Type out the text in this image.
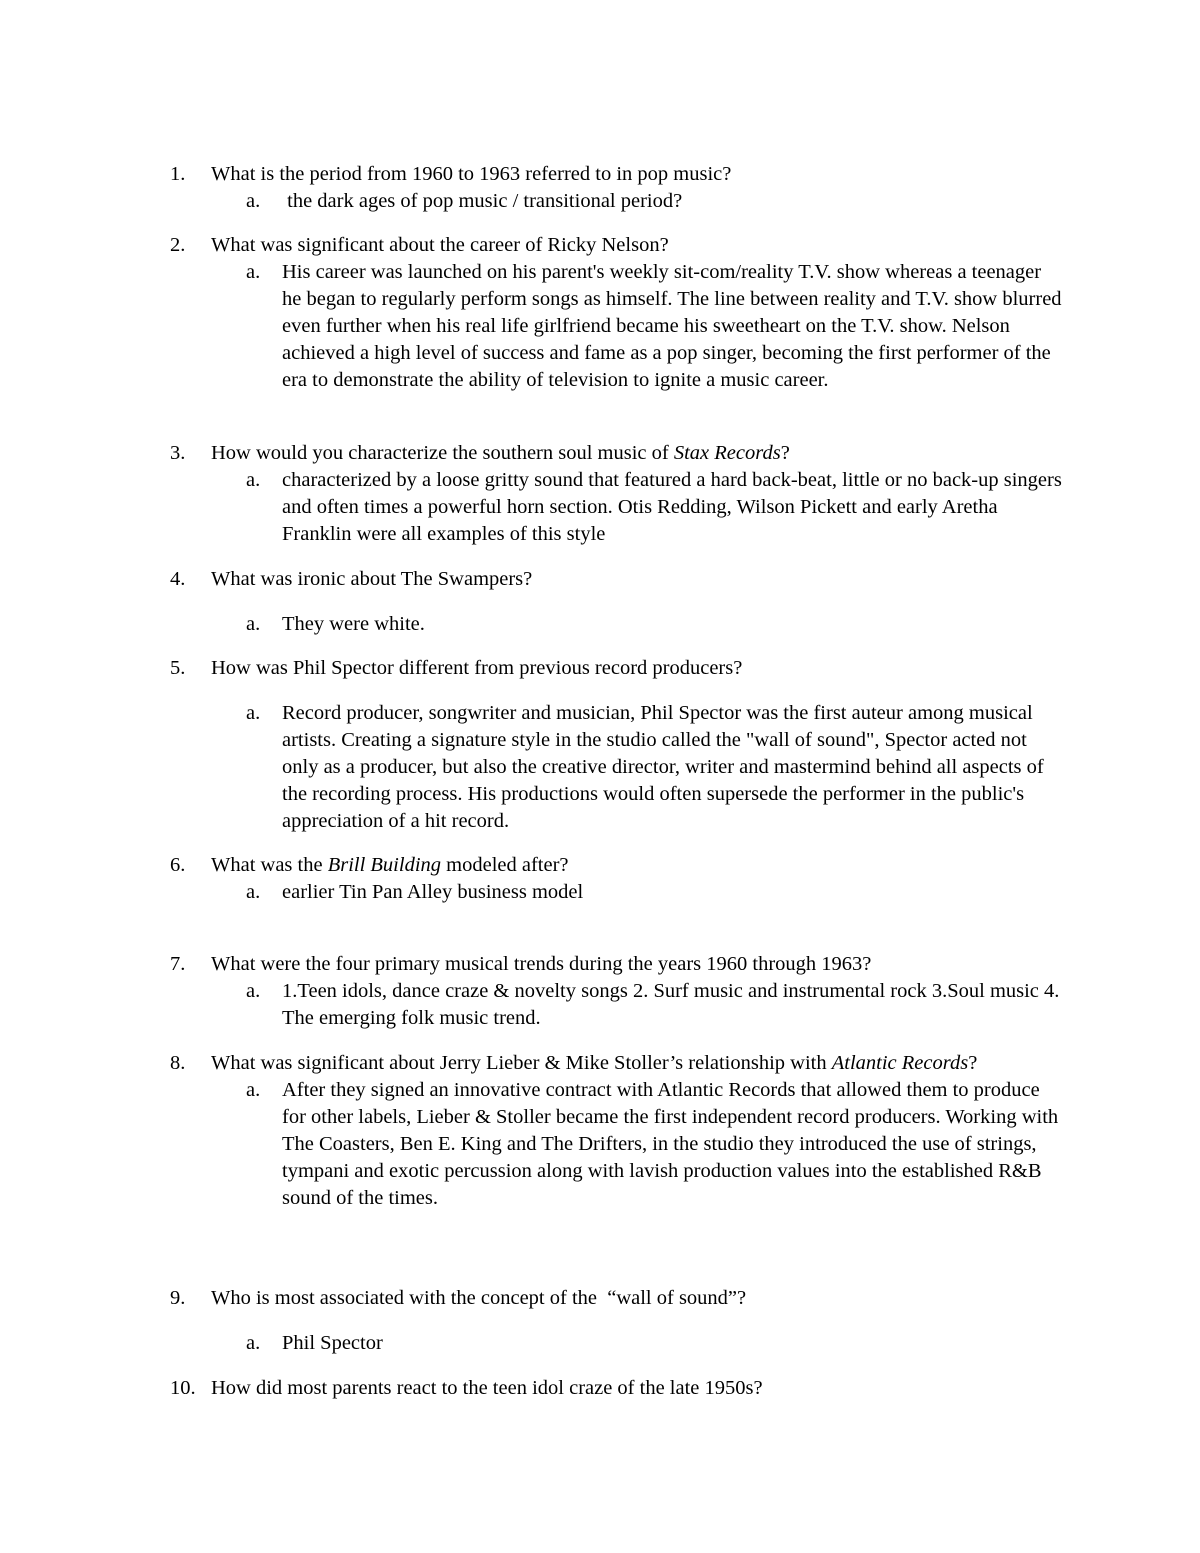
1.	What is the period from 1960 to 1963 referred to in pop music?
a. the dark ages of pop music / transitional period?
2.	What was significant about the career of Ricky Nelson?
a. His career was launched on his parent's weekly sit-com/reality T.V. show whereas a teenager he began to regularly perform songs as himself. The line between reality and T.V. show blurred even further when his real life girlfriend became his sweetheart on the T.V. show. Nelson achieved a high level of success and fame as a pop singer, becoming the first performer of the era to demonstrate the ability of television to ignite a music career.
3.	How would you characterize the southern soul music of Stax Records?
a. characterized by a loose gritty sound that featured a hard back-beat, little or no back-up singers and often times a powerful horn section. Otis Redding, Wilson Pickett and early Aretha Franklin were all examples of this style
4.	What was ironic about The Swampers?
a. They were white.
5.	How was Phil Spector different from previous record producers?
a. Record producer, songwriter and musician, Phil Spector was the first auteur among musical artists. Creating a signature style in the studio called the "wall of sound", Spector acted not only as a producer, but also the creative director, writer and mastermind behind all aspects of the recording process. His productions would often supersede the performer in the public's appreciation of a hit record.
6.	What was the Brill Building modeled after?
a. earlier Tin Pan Alley business model
7.	What were the four primary musical trends during the years 1960 through 1963?
a. 1.Teen idols, dance craze & novelty songs 2. Surf music and instrumental rock 3.Soul music 4. The emerging folk music trend.
8.	What was significant about Jerry Lieber & Mike Stoller’s relationship with Atlantic Records?
a. After they signed an innovative contract with Atlantic Records that allowed them to produce for other labels, Lieber & Stoller became the first independent record producers. Working with The Coasters, Ben E. King and The Drifters, in the studio they introduced the use of strings, tympani and exotic percussion along with lavish production values into the established R&B sound of the times.
9.	Who is most associated with the concept of the  “wall of sound”?
a. Phil Spector
10. How did most parents react to the teen idol craze of the late 1950s?
